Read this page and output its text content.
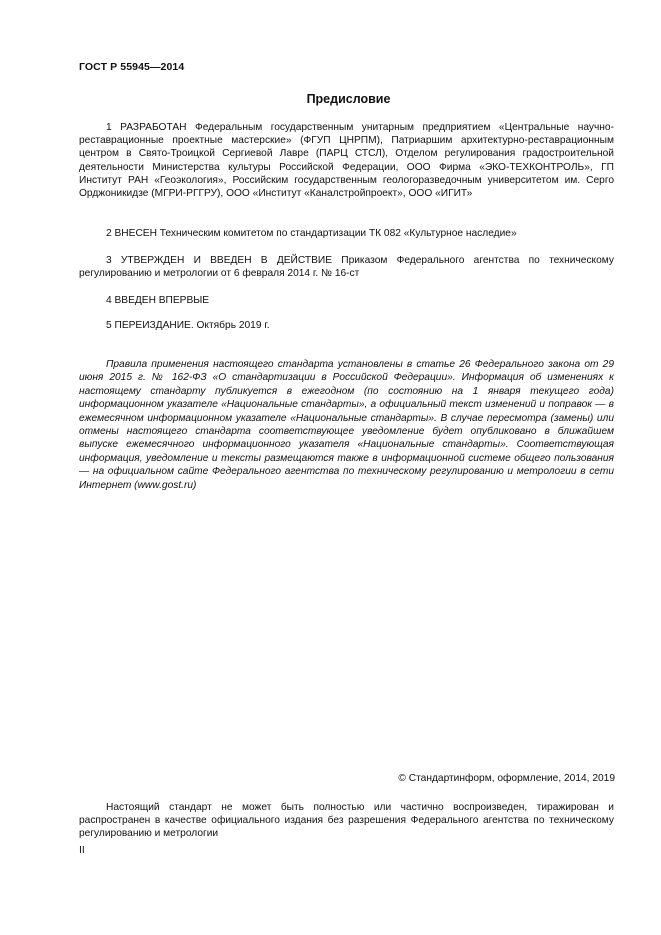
ГОСТ Р 55945—2014
Предисловие

1 РАЗРАБОТАН Федеральным государственным унитарным предприятием «Центральные научно-реставрационные проектные мастерские» (ФГУП ЦНРПМ), Патриаршим архитектурно-реставрационным центром в Свято-Троицкой Сергиевой Лавре (ПАРЦ СТСЛ), Отделом регулирования градостроительной деятельности Министерства культуры Российской Федерации, ООО Фирма «ЭКО-ТЕХКОНТРОЛЬ», ГП Институт РАН «Геоэкология», Российским государственным геологоразведочным университетом им. Серго Орджоникидзе (МГРИ-РГГРУ), ООО «Институт «Каналстройпроект», ООО «ИГИТ»

2 ВНЕСЕН Техническим комитетом по стандартизации ТК 082 «Культурное наследие»

3 УТВЕРЖДЕН И ВВЕДЕН В ДЕЙСТВИЕ Приказом Федерального агентства по техническому регулированию и метрологии от 6 февраля 2014 г. № 16-ст

4 ВВЕДЕН ВПЕРВЫЕ

5 ПЕРЕИЗДАНИЕ. Октябрь 2019 г.

Правила применения настоящего стандарта установлены в статье 26 Федерального закона от 29 июня 2015 г. № 162-ФЗ «О стандартизации в Российской Федерации». Информация об изменениях к настоящему стандарту публикуется в ежегодном (по состоянию на 1 января текущего года) информационном указателе «Национальные стандарты», а официальный текст изменений и поправок — в ежемесячном информационном указателе «Национальные стандарты». В случае пересмотра (замены) или отмены настоящего стандарта соответствующее уведомление будет опубликовано в ближайшем выпуске ежемесячного информационного указателя «Национальные стандарты». Соответствующая информация, уведомление и тексты размещаются также в информационной системе общего пользования — на официальном сайте Федерального агентства по техническому регулированию и метрологии в сети Интернет (www.gost.ru)

© Стандартинформ, оформление, 2014, 2019

Настоящий стандарт не может быть полностью или частично воспроизведен, тиражирован и распространен в качестве официального издания без разрешения Федерального агентства по техническому регулированию и метрологии

II
